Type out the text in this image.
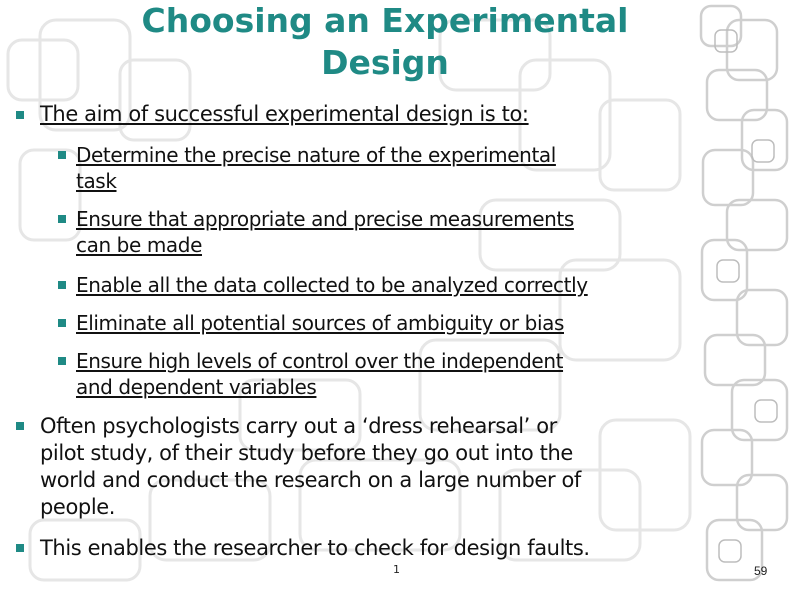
Choosing an Experimental
Design
The aim of successful experimental design is to:
Determine the precise nature of the experimental
task
Ensure that appropriate and precise measurements
can be made
Enable all the data collected to be analyzed correctly
Eliminate all potential sources of ambiguity or bias
Ensure high levels of control over the independent
and dependent variables
Often psychologists carry out a ‘dress rehearsal’ or
pilot study, of their study before they go out into the
world and conduct the research on a large number of
people.
This enables the researcher to check for design faults.
1	59
